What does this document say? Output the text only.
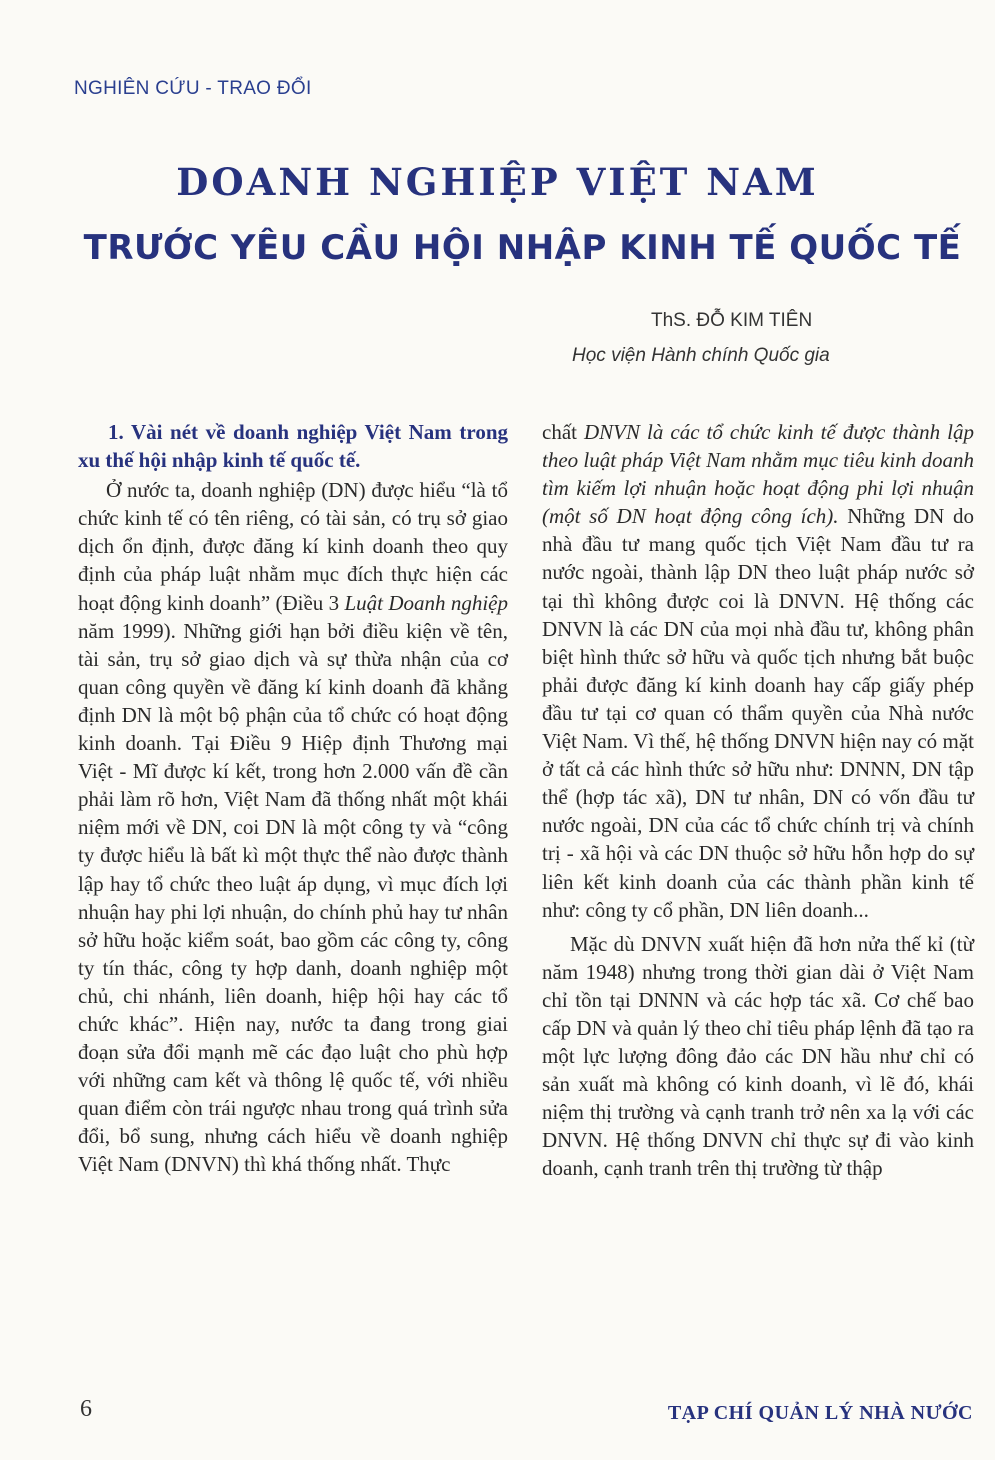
NGHIÊN CỨU - TRAO ĐỔI
DOANH NGHIỆP VIỆT NAM
TRƯỚC YÊU CẦU HỘI NHẬP KINH TẾ QUỐC TẾ
ThS. ĐỖ KIM TIÊN
Học viện Hành chính Quốc gia

1. Vài nét về doanh nghiệp Việt Nam trong xu thế hội nhập kinh tế quốc tế.

Ở nước ta, doanh nghiệp (DN) được hiểu “là tổ chức kinh tế có tên riêng, có tài sản, có trụ sở giao dịch ổn định, được đăng kí kinh doanh theo quy định của pháp luật nhằm mục đích thực hiện các hoạt động kinh doanh” (Điều 3 Luật Doanh nghiệp năm 1999). Những giới hạn bởi điều kiện về tên, tài sản, trụ sở giao dịch và sự thừa nhận của cơ quan công quyền về đăng kí kinh doanh đã khẳng định DN là một bộ phận của tổ chức có hoạt động kinh doanh. Tại Điều 9 Hiệp định Thương mại Việt - Mĩ được kí kết, trong hơn 2.000 vấn đề cần phải làm rõ hơn, Việt Nam đã thống nhất một khái niệm mới về DN, coi DN là một công ty và “công ty được hiểu là bất kì một thực thể nào được thành lập hay tổ chức theo luật áp dụng, vì mục đích lợi nhuận hay phi lợi nhuận, do chính phủ hay tư nhân sở hữu hoặc kiểm soát, bao gồm các công ty, công ty tín thác, công ty hợp danh, doanh nghiệp một chủ, chi nhánh, liên doanh, hiệp hội hay các tổ chức khác”. Hiện nay, nước ta đang trong giai đoạn sửa đổi mạnh mẽ các đạo luật cho phù hợp với những cam kết và thông lệ quốc tế, với nhiều quan điểm còn trái ngược nhau trong quá trình sửa đổi, bổ sung, nhưng cách hiểu về doanh nghiệp Việt Nam (DNVN) thì khá thống nhất. Thực

chất DNVN là các tổ chức kinh tế được thành lập theo luật pháp Việt Nam nhằm mục tiêu kinh doanh tìm kiếm lợi nhuận hoặc hoạt động phi lợi nhuận (một số DN hoạt động công ích). Những DN do nhà đầu tư mang quốc tịch Việt Nam đầu tư ra nước ngoài, thành lập DN theo luật pháp nước sở tại thì không được coi là DNVN. Hệ thống các DNVN là các DN của mọi nhà đầu tư, không phân biệt hình thức sở hữu và quốc tịch nhưng bắt buộc phải được đăng kí kinh doanh hay cấp giấy phép đầu tư tại cơ quan có thẩm quyền của Nhà nước Việt Nam. Vì thế, hệ thống DNVN hiện nay có mặt ở tất cả các hình thức sở hữu như: DNNN, DN tập thể (hợp tác xã), DN tư nhân, DN có vốn đầu tư nước ngoài, DN của các tổ chức chính trị và chính trị - xã hội và các DN thuộc sở hữu hỗn hợp do sự liên kết kinh doanh của các thành phần kinh tế như: công ty cổ phần, DN liên doanh...

Mặc dù DNVN xuất hiện đã hơn nửa thế kỉ (từ năm 1948) nhưng trong thời gian dài ở Việt Nam chỉ tồn tại DNNN và các hợp tác xã. Cơ chế bao cấp DN và quản lý theo chỉ tiêu pháp lệnh đã tạo ra một lực lượng đông đảo các DN hầu như chỉ có sản xuất mà không có kinh doanh, vì lẽ đó, khái niệm thị trường và cạnh tranh trở nên xa lạ với các DNVN. Hệ thống DNVN chỉ thực sự đi vào kinh doanh, cạnh tranh trên thị trường từ thập

6	TẠP CHÍ QUẢN LÝ NHÀ NƯỚC
